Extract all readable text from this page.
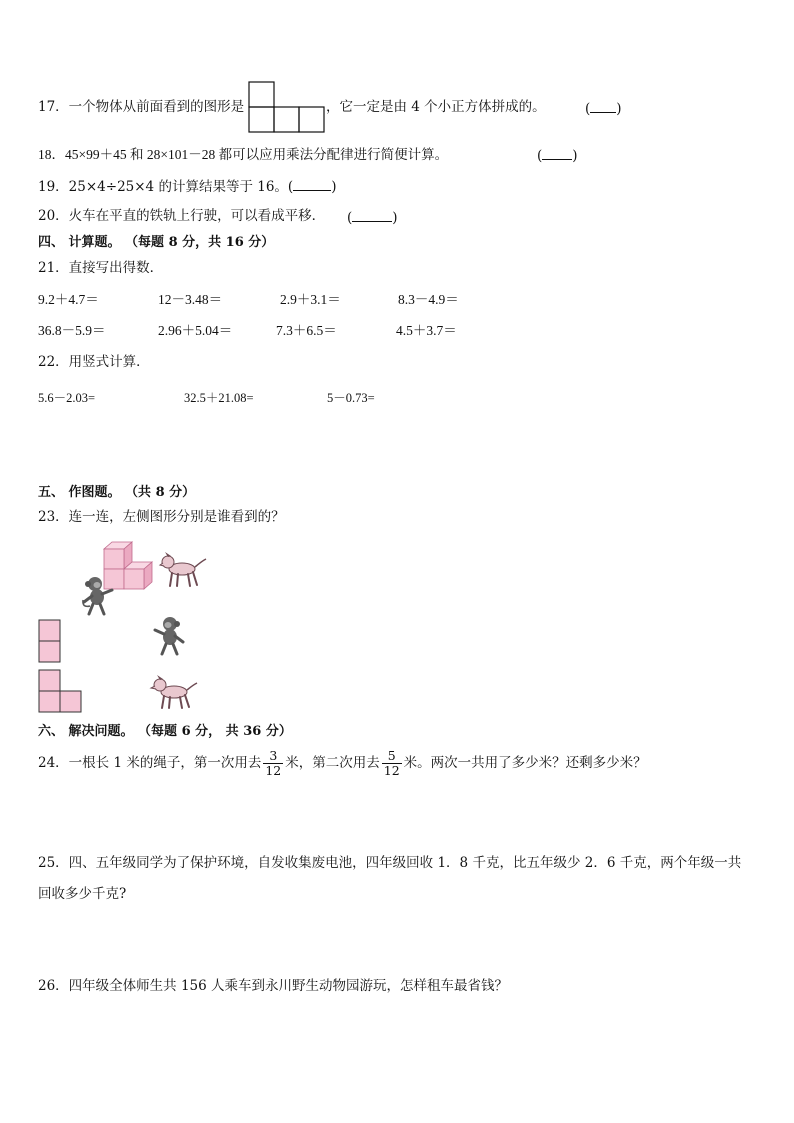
17．一个物体从前面看到的图形是	，它一定是由 4 个小正方体拼成的。	( )
18．45×99＋45 和 28×101－28 都可以应用乘法分配律进行简便计算。	( )
19．25×4÷25×4 的计算结果等于 16。(	)
20．火车在平直的铁轨上行驶，可以看成平移． (	)
四、 计算题。 （每题 8 分，共 16 分）
21．直接写出得数．
9.2＋4.7＝	12－3.48＝	2.9＋3.1＝	8.3－4.9＝
36.8－5.9＝	2.96＋5.04＝	7.3＋6.5＝	4.5＋3.7＝
22．用竖式计算．
5.6－2.03=	32.5＋21.08=	5－0.73=
五、 作图题。 （共 8 分）
23．连一连，左侧图形分别是谁看到的？
六、 解决问题。 （每题 6 分， 共 36 分）
24．一根长 1 米的绳子，第一次用去 $\frac{3}{12}$ 米，第二次用去 $\frac{5}{12}$ 米。两次一共用了多少米？还剩多少米？
25．四、五年级同学为了保护环境，自发收集废电池，四年级回收 1．8 千克，比五年级少 2．6 千克，两个年级一共
回收多少千克?
26．四年级全体师生共 156 人乘车到永川野生动物园游玩，怎样租车最省钱？
